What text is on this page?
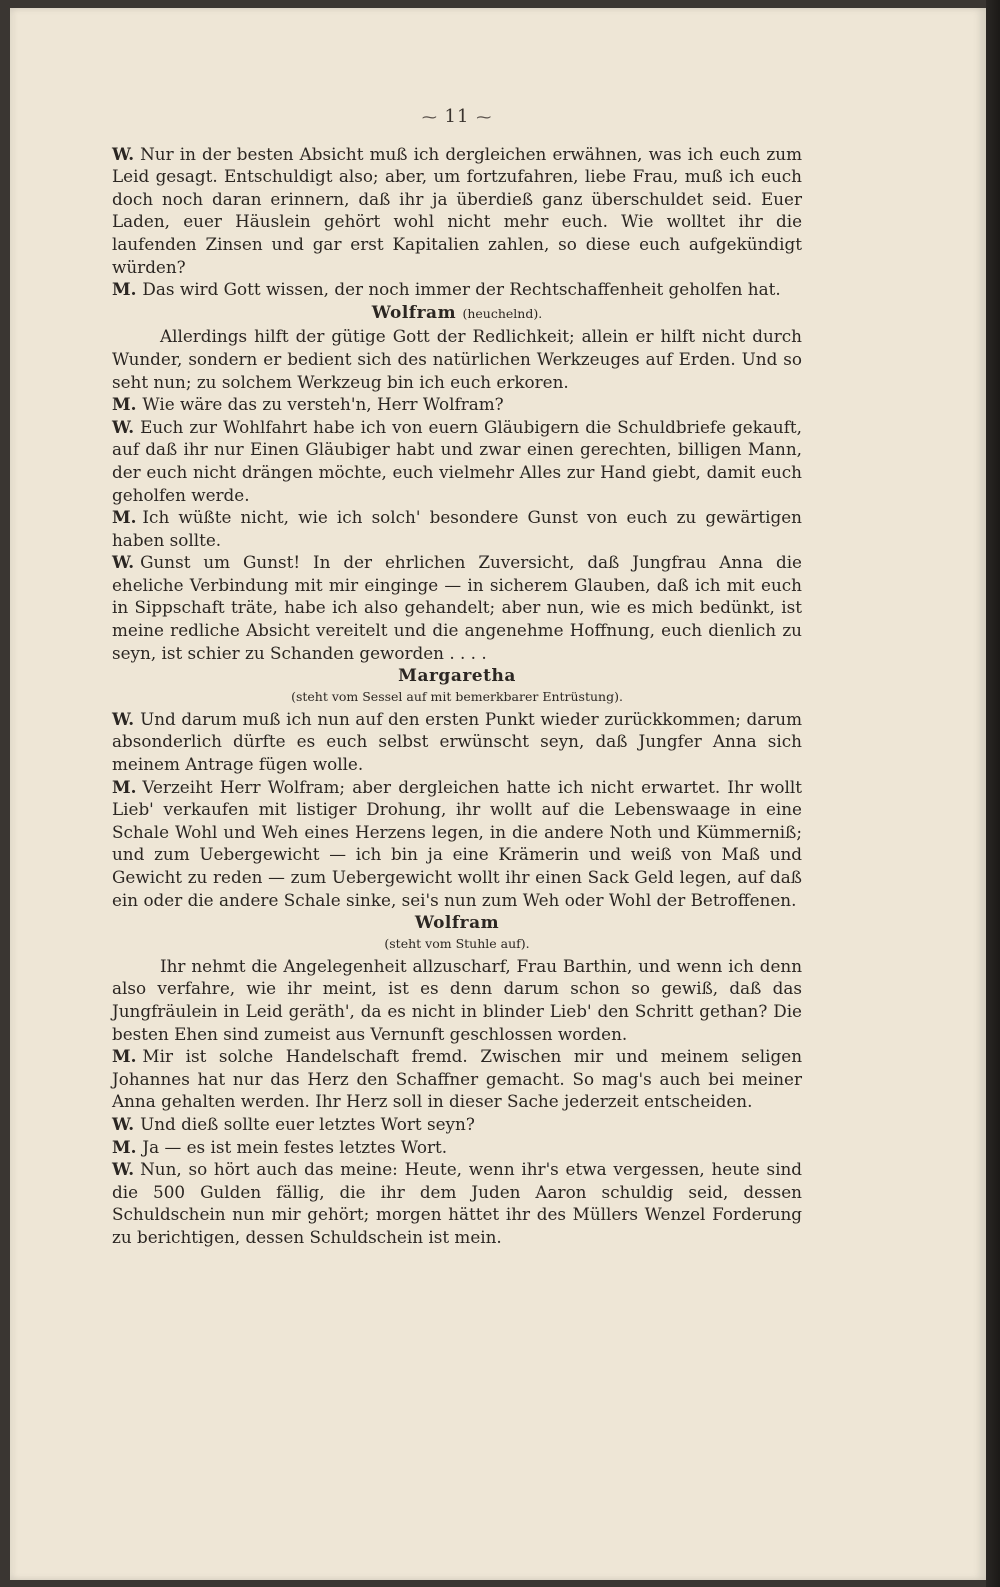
⁓ 11 ⁓

W. Nur in der besten Absicht muß ich dergleichen erwähnen, was ich euch zum Leid gesagt. Entschuldigt also; aber, um fortzufahren, liebe Frau, muß ich euch doch noch daran erinnern, daß ihr ja überdieß ganz überschuldet seid. Euer Laden, euer Häuslein gehört wohl nicht mehr euch. Wie wolltet ihr die laufenden Zinsen und gar erst Kapitalien zahlen, so diese euch aufgekündigt würden?

M. Das wird Gott wissen, der noch immer der Rechtschaffenheit geholfen hat.

Wolfram (heuchelnd).

Allerdings hilft der gütige Gott der Redlichkeit; allein er hilft nicht durch Wunder, sondern er bedient sich des natürlichen Werkzeuges auf Erden. Und so seht nun; zu solchem Werkzeug bin ich euch erkoren.

M. Wie wäre das zu versteh'n, Herr Wolfram?

W. Euch zur Wohlfahrt habe ich von euern Gläubigern die Schuldbriefe gekauft, auf daß ihr nur Einen Gläubiger habt und zwar einen gerechten, billigen Mann, der euch nicht drängen möchte, euch vielmehr Alles zur Hand giebt, damit euch geholfen werde.

M. Ich wüßte nicht, wie ich solch' besondere Gunst von euch zu gewärtigen haben sollte.

W. Gunst um Gunst! In der ehrlichen Zuversicht, daß Jungfrau Anna die eheliche Verbindung mit mir einginge — in sicherem Glauben, daß ich mit euch in Sippschaft träte, habe ich also gehandelt; aber nun, wie es mich bedünkt, ist meine redliche Absicht vereitelt und die angenehme Hoffnung, euch dienlich zu seyn, ist schier zu Schanden geworden . . . .

Margaretha
(steht vom Sessel auf mit bemerkbarer Entrüstung).

W. Und darum muß ich nun auf den ersten Punkt wieder zurückkommen; darum absonderlich dürfte es euch selbst erwünscht seyn, daß Jungfer Anna sich meinem Antrage fügen wolle.

M. Verzeiht Herr Wolfram; aber dergleichen hatte ich nicht erwartet. Ihr wollt Lieb' verkaufen mit listiger Drohung, ihr wollt auf die Lebenswaage in eine Schale Wohl und Weh eines Herzens legen, in die andere Noth und Kümmerniß; und zum Uebergewicht — ich bin ja eine Krämerin und weiß von Maß und Gewicht zu reden — zum Uebergewicht wollt ihr einen Sack Geld legen, auf daß ein oder die andere Schale sinke, sei's nun zum Weh oder Wohl der Betroffenen.

Wolfram
(steht vom Stuhle auf).

Ihr nehmt die Angelegenheit allzuscharf, Frau Barthin, und wenn ich denn also verfahre, wie ihr meint, ist es denn darum schon so gewiß, daß das Jungfräulein in Leid geräth', da es nicht in blinder Lieb' den Schritt gethan? Die besten Ehen sind zumeist aus Vernunft geschlossen worden.

M. Mir ist solche Handelschaft fremd. Zwischen mir und meinem seligen Johannes hat nur das Herz den Schaffner gemacht. So mag's auch bei meiner Anna gehalten werden. Ihr Herz soll in dieser Sache jederzeit entscheiden.

W. Und dieß sollte euer letztes Wort seyn?

M. Ja — es ist mein festes letztes Wort.

W. Nun, so hört auch das meine: Heute, wenn ihr's etwa vergessen, heute sind die 500 Gulden fällig, die ihr dem Juden Aaron schuldig seid, dessen Schuldschein nun mir gehört; morgen hättet ihr des Müllers Wenzel Forderung zu berichtigen, dessen Schuldschein ist mein.
